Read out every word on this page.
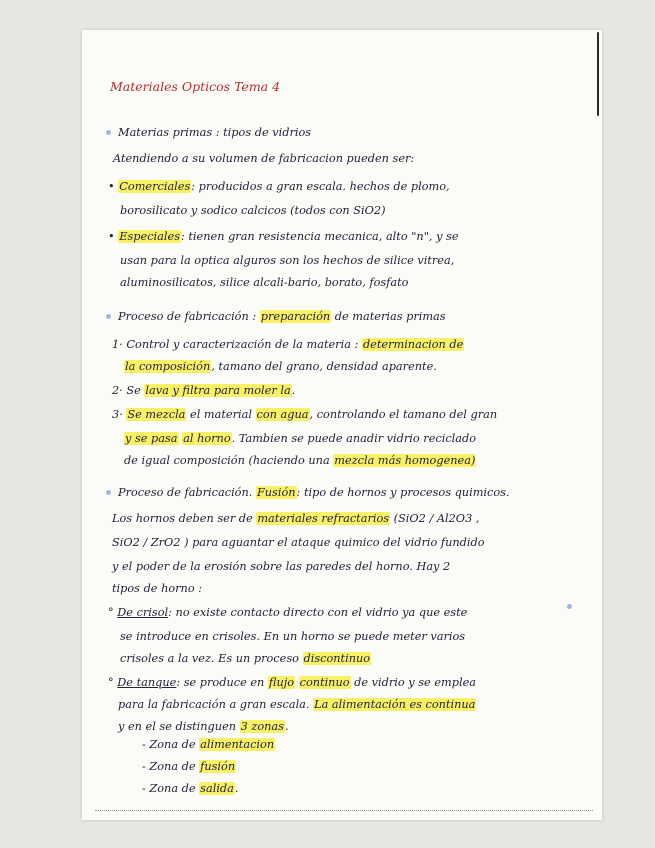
Materiales Opticos Tema 4
Materias primas : tipos de vidrios
Atendiendo a su volumen de fabricacion pueden ser:
• Comerciales: producidos a gran escala. hechos de plomo,
borosilicato y sodico calcicos (todos con SiO2)
• Especiales: tienen gran resistencia mecanica, alto "n", y se
usan para la optica alguros son los hechos de silice vitrea,
aluminosilicatos, silice alcali-bario, borato, fosfato
Proceso de fabricación : preparación de materias primas
1· Control y caracterización de la materia : determinacion de
la composición, tamano del grano, densidad aparente.
2· Se lava y filtra para moler la.
3· Se mezcla el material con agua, controlando el tamano del gran
y se pasa al horno. Tambien se puede anadir vidrio reciclado
de igual composición (haciendo una mezcla más homogenea)
Proceso de fabricación. Fusión: tipo de hornos y procesos quimicos.
Los hornos deben ser de materiales refractarios (SiO2 / Al2O3 ,
SiO2 / ZrO2 ) para aguantar el ataque quimico del vidrio fundido
y el poder de la erosión sobre las paredes del horno. Hay 2
tipos de horno :
° De crisol: no existe contacto directo con el vidrio ya que este
se introduce en crisoles. En un horno se puede meter varios
crisoles a la vez. Es un proceso discontinuo
° De tanque: se produce en flujo continuo de vidrio y se emplea
para la fabricación a gran escala. La alimentación es continua
y en el se distinguen 3 zonas.
- Zona de alimentacion
- Zona de fusión
- Zona de salida.
